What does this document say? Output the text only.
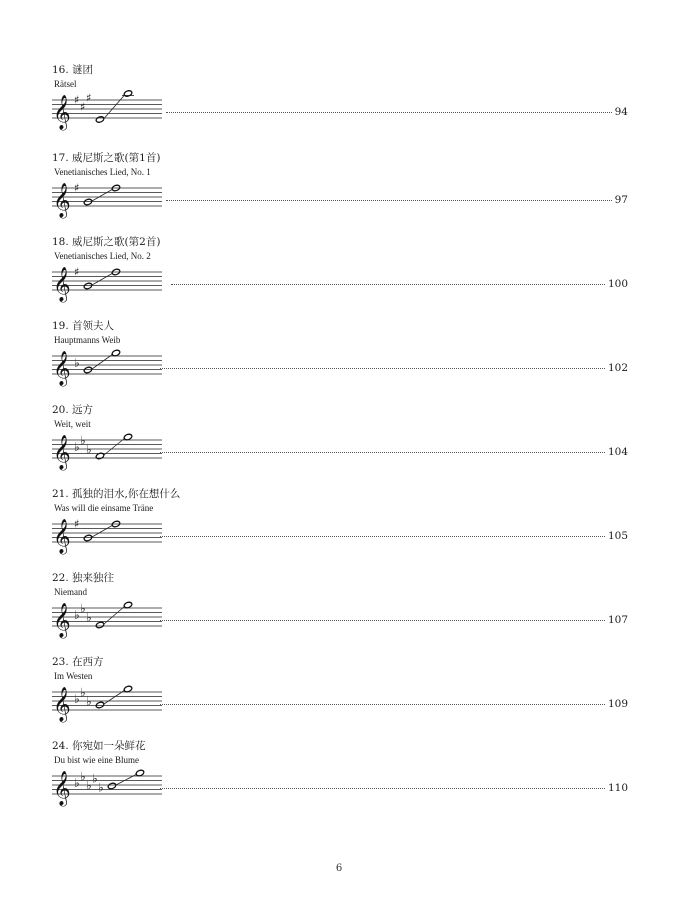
16. 谜团
Rätsel
𝄞 ♯
♯
♯
94
17. 威尼斯之歌(第1首)
Venetianisches Lied, No. 1
𝄞 ♯
97
18. 威尼斯之歌(第2首)
Venetianisches Lied, No. 2
𝄞 ♯
100
19. 首领夫人
Hauptmanns Weib
𝄞 ♭	102
20. 远方
Weit, weit
𝄞 ♭ ♭
♭	104
21. 孤独的泪水,你在想什么
Was will die einsame Träne
𝄞 ♯
105
22. 独来独往
Niemand
𝄞 ♭ ♭
♭	107
23. 在西方
Im Westen
𝄞 ♭ ♭
♭	109
24. 你宛如一朵鲜花
Du bist wie eine Blume
𝄞 ♭ ♭
♭ ♭
♭	110
6
